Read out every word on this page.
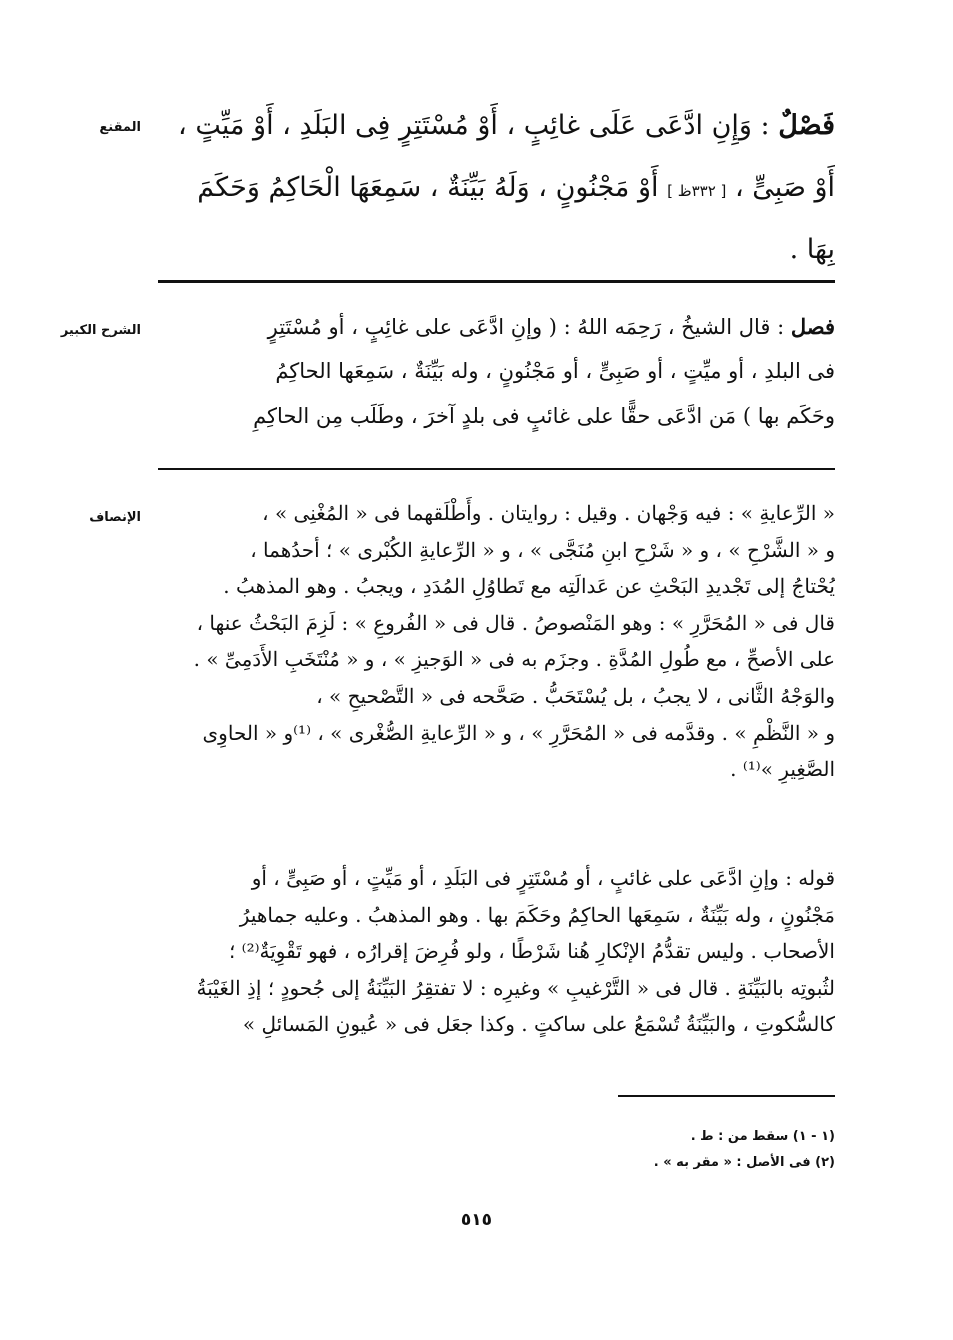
المقنع	فَصْلٌ : وَإِنِ ادَّعَى عَلَى غائِبٍ ، أَوْ مُسْتَتِرٍ فِى البَلَدِ ، أَوْ مَيِّتٍ ،
أَوْ صَبِىٍّ ، [ ٣٣٢ظ ] أَوْ مَجْنُونٍ ، وَلَهُ بَيِّنَةٌ ، سَمِعَهَا الْحَاكِمُ وَحَكَمَ
بِهَا .
الشرح الكبير	فصل : قال الشيخُ ، رَحِمَه اللهُ : ( وإنِ ادَّعَى على غائِبٍ ، أو مُسْتَتِرٍ
فى البلدِ ، أو ميِّتٍ ، أو صَبِىٍّ ، أو مَجْنُونٍ ، وله بَيِّنَةٌ ، سَمِعَها الحاكِمُ
وحَكَم بها ) مَن ادَّعَى حقًّا على غائبٍ فى بلدٍ آخرَ ، وطَلَب مِن الحاكِمِ
الإنصاف	« الرِّعايةِ » : فيه وَجْهان . وقيل : روايتان . وأَطْلَقهما فى « المُغْنِى » ،
و « الشَّرْحِ » ، و « شَرْحِ ابنِ مُنَجَّى » ، و « الرِّعايةِ الكُبْرى » ؛ أحدُهما ،
يُحْتاجُ إلى تَجْديدِ البَحْثِ عن عَدالَتِه مع تَطاوُلِ المُدَدِ ، ويجبُ . وهو المذهبُ .
قال فى « المُحَرَّرِ » : وهو المَنْصوصُ . قال فى « الفُروعِ » : لَزِمَ البَحْثُ عنها ،
على الأصحِّ ، مع طُولِ المُدَّةِ . وجزَم به فى « الوَجيزِ » ، و « مُنْتَخَبِ الأَدَمِىِّ » .
والوَجْهُ الثَّانى ، لا يجبُ ، بل يُسْتَحَبُّ . صَحَّحه فى « التَّصْحيحِ » ،
و « النَّظْمِ » . وقدَّمه فى « المُحَرَّرِ » ، و « الرِّعايةِ الصُّغْرى » ، ⁽¹⁾و « الحاوِى
الصَّغِيرِ »⁽¹⁾ .
قوله : وإنِ ادَّعَى على غائبٍ ، أو مُسْتَتِرٍ فى البَلَدِ ، أو مَيِّتٍ ، أو صَبِىٍّ ، أو
مَجْنُونٍ ، وله بَيِّنَةٌ ، سَمِعَها الحاكِمُ وحَكَمَ بها . وهو المذهبُ . وعليه جماهيرُ
الأصحاب . وليس تقدُّمُ الإنْكارِ هُنا شَرْطًا ، ولو فُرِضَ إقرارُه ، فهو تَقْوِيَةٌ⁽²⁾ ؛
لثُبوتِه بالبَيِّنَةِ . قال فى « التَّرْغيبِ » وغيرِه : لا تفتقِرُ البَيِّنَةُ إلى جُحودٍ ؛ إذِ الغَيْبَةُ
كالسُّكوتِ ، والبَيِّنَةُ تُسْمَعُ على ساكتٍ . وكذا جعَل فى « عُيونِ المَسائلِ »
(١ - ١) سقط من : ط .
(٢) فى الأصل : « مقر به » .
٥١٥
